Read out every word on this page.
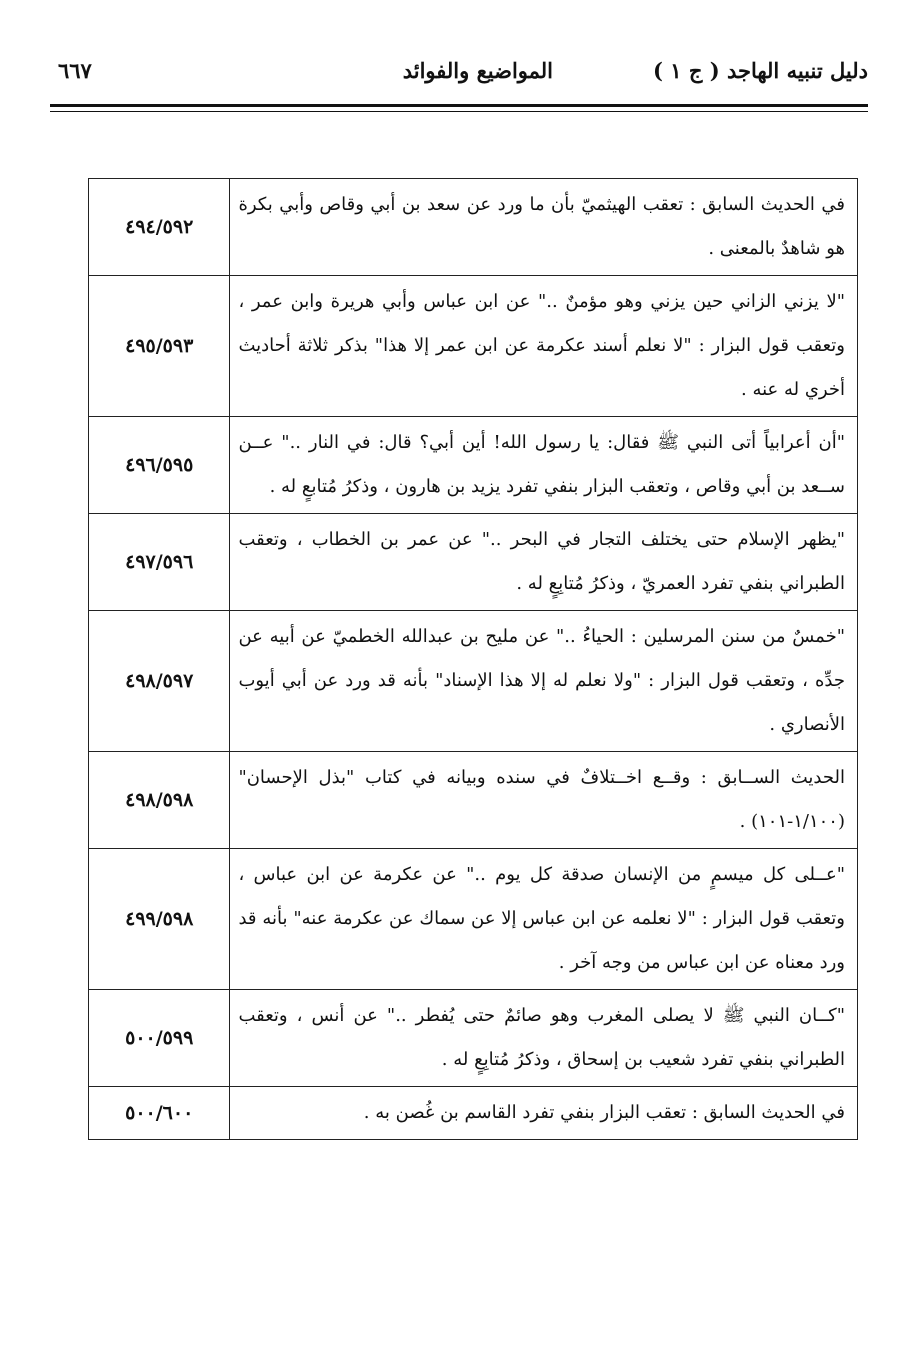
دليل تنبيه الهاجد ( ج ١ )
المواضيع والفوائد
٦٦٧
في الحديث السابق : تعقب الهيثميّ بأن ما ورد عن سعد بن أبي وقاص وأبي بكرة هو شاهدٌ بالمعنى .	٤٩٤/٥٩٢
"لا يزني الزاني حين يزني وهو مؤمنٌ .." عن ابن عباس وأبي هريرة وابن عمر ، وتعقب قول البزار : "لا نعلم أسند عكرمة عن ابن عمر إلا هذا" بذكر ثلاثة أحاديث أخري له عنه .	٤٩٥/٥٩٣
"أن أعرابياً أتى النبي ﷺ فقال: يا رسول الله! أين أبي؟ قال: في النار .." عــن ســعد بن أبي وقاص ، وتعقب البزار بنفي تفرد يزيد بن هارون ، وذكرُ مُتابعٍ له .	٤٩٦/٥٩٥
"يظهر الإسلام حتى يختلف التجار في البحر .." عن عمر بن الخطاب ، وتعقب الطبراني بنفي تفرد العمريّ ، وذكرُ مُتابِعٍ له .	٤٩٧/٥٩٦
"خمسٌ من سنن المرسلين : الحياءُ .." عن مليح بن عبدالله الخطميّ عن أبيه عن جدِّه ، وتعقب قول البزار : "ولا نعلم له إلا هذا الإسناد" بأنه قد ورد عن أبي أيوب الأنصاري .	٤٩٨/٥٩٧
الحديث الســابق : وقــع اخــتلافٌ في سنده وبيانه في كتاب "بذل الإحسان" (١/١٠٠-١٠١) .	٤٩٨/٥٩٨
"عــلى كل ميسمٍ من الإنسان صدقة كل يوم .." عن عكرمة عن ابن عباس ، وتعقب قول البزار : "لا نعلمه عن ابن عباس إلا عن سماك عن عكرمة عنه" بأنه قد ورد معناه عن ابن عباس من وجه آخر .	٤٩٩/٥٩٨
"كــان النبي ﷺ لا يصلى المغرب وهو صائمٌ حتى يُفطر .." عن أنس ، وتعقب الطبراني بنفي تفرد شعيب بن إسحاق ، وذكرُ مُتابِعٍ له .	٥٠٠/٥٩٩
في الحديث السابق : تعقب البزار بنفي تفرد القاسم بن غُصن به .	٥٠٠/٦٠٠
